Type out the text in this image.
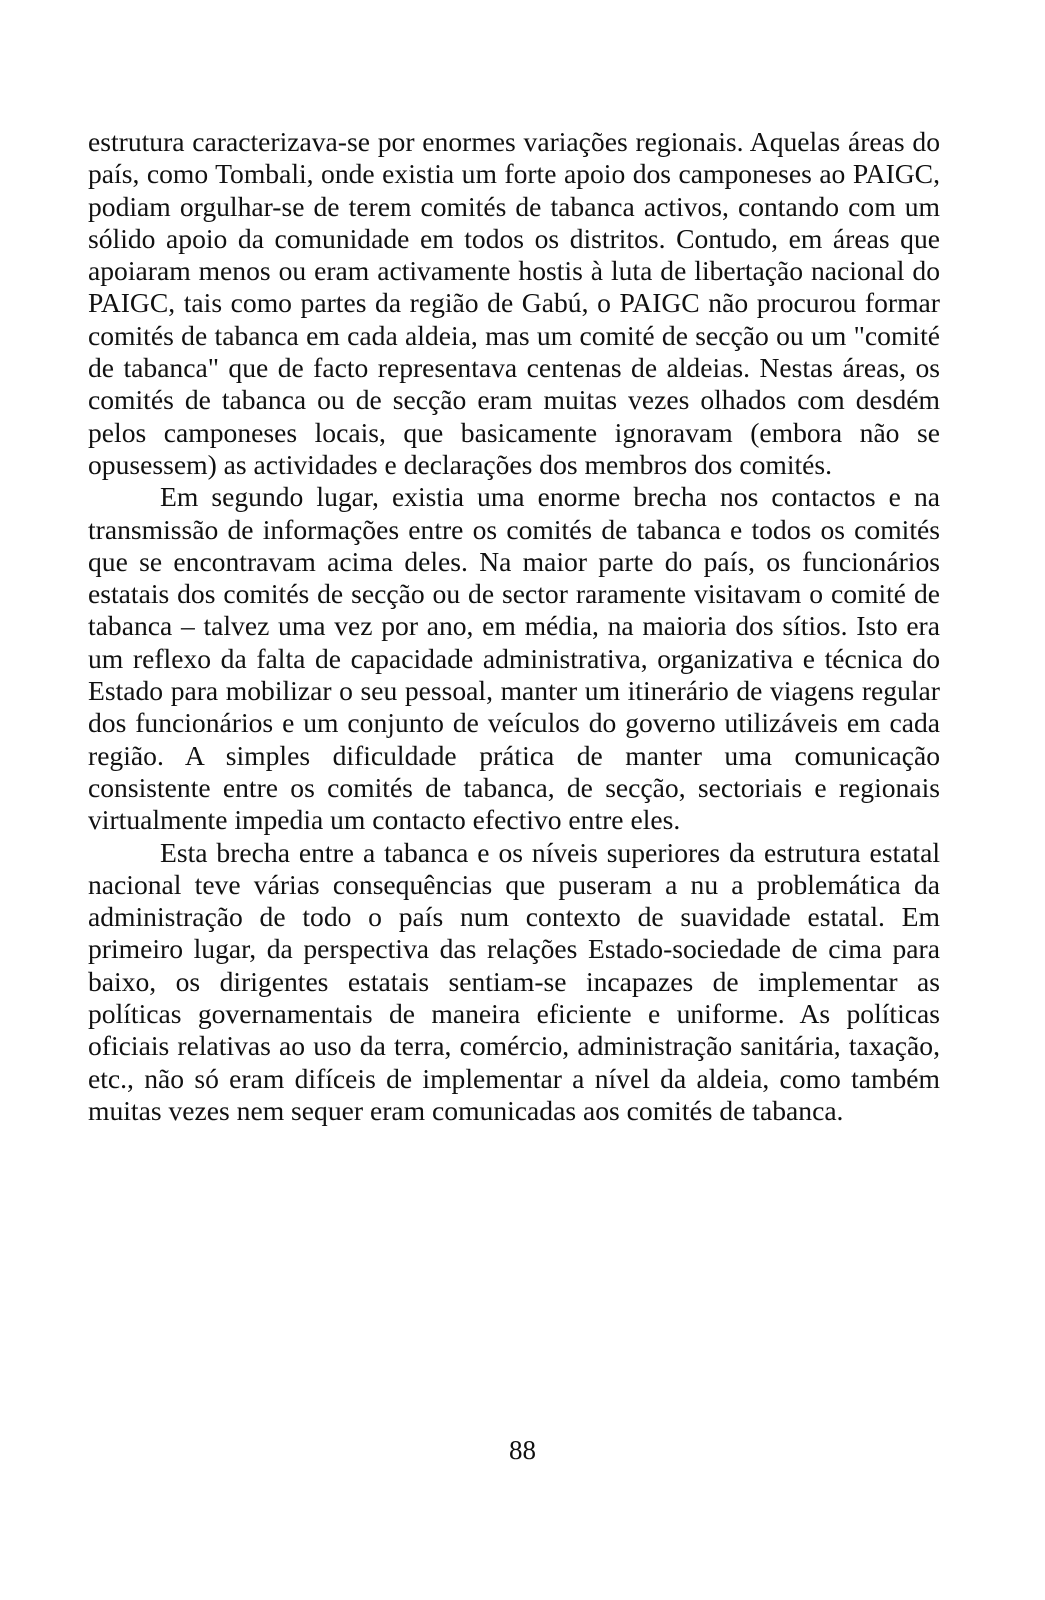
estrutura caracterizava-se por enormes variações regionais. Aquelas áreas do país, como Tombali, onde existia um forte apoio dos camponeses ao PAIGC, podiam orgulhar-se de terem comités de tabanca activos, contando com um sólido apoio da comunidade em todos os distritos. Contudo, em áreas que apoiaram menos ou eram activamente hostis à luta de libertação nacional do PAIGC, tais como partes da região de Gabú, o PAIGC não procurou formar comités de tabanca em cada aldeia, mas um comité de secção ou um "comité de tabanca" que de facto representava centenas de aldeias. Nestas áreas, os comités de tabanca ou de secção eram muitas vezes olhados com desdém pelos camponeses locais, que basicamente ignoravam (embora não se opusessem) as actividades e declarações dos membros dos comités.

Em segundo lugar, existia uma enorme brecha nos contactos e na transmissão de informações entre os comités de tabanca e todos os comités que se encontravam acima deles. Na maior parte do país, os funcionários estatais dos comités de secção ou de sector raramente visitavam o comité de tabanca – talvez uma vez por ano, em média, na maioria dos sítios. Isto era um reflexo da falta de capacidade administrativa, organizativa e técnica do Estado para mobilizar o seu pessoal, manter um itinerário de viagens regular dos funcionários e um conjunto de veículos do governo utilizáveis em cada região. A simples dificuldade prática de manter uma comunicação consistente entre os comités de tabanca, de secção, sectoriais e regionais virtualmente impedia um contacto efectivo entre eles.

Esta brecha entre a tabanca e os níveis superiores da estrutura estatal nacional teve várias consequências que puseram a nu a problemática da administração de todo o país num contexto de suavidade estatal. Em primeiro lugar, da perspectiva das relações Estado-sociedade de cima para baixo, os dirigentes estatais sentiam-se incapazes de implementar as políticas governamentais de maneira eficiente e uniforme. As políticas oficiais relativas ao uso da terra, comércio, administração sanitária, taxação, etc., não só eram difíceis de implementar a nível da aldeia, como também muitas vezes nem sequer eram comunicadas aos comités de tabanca.

88
